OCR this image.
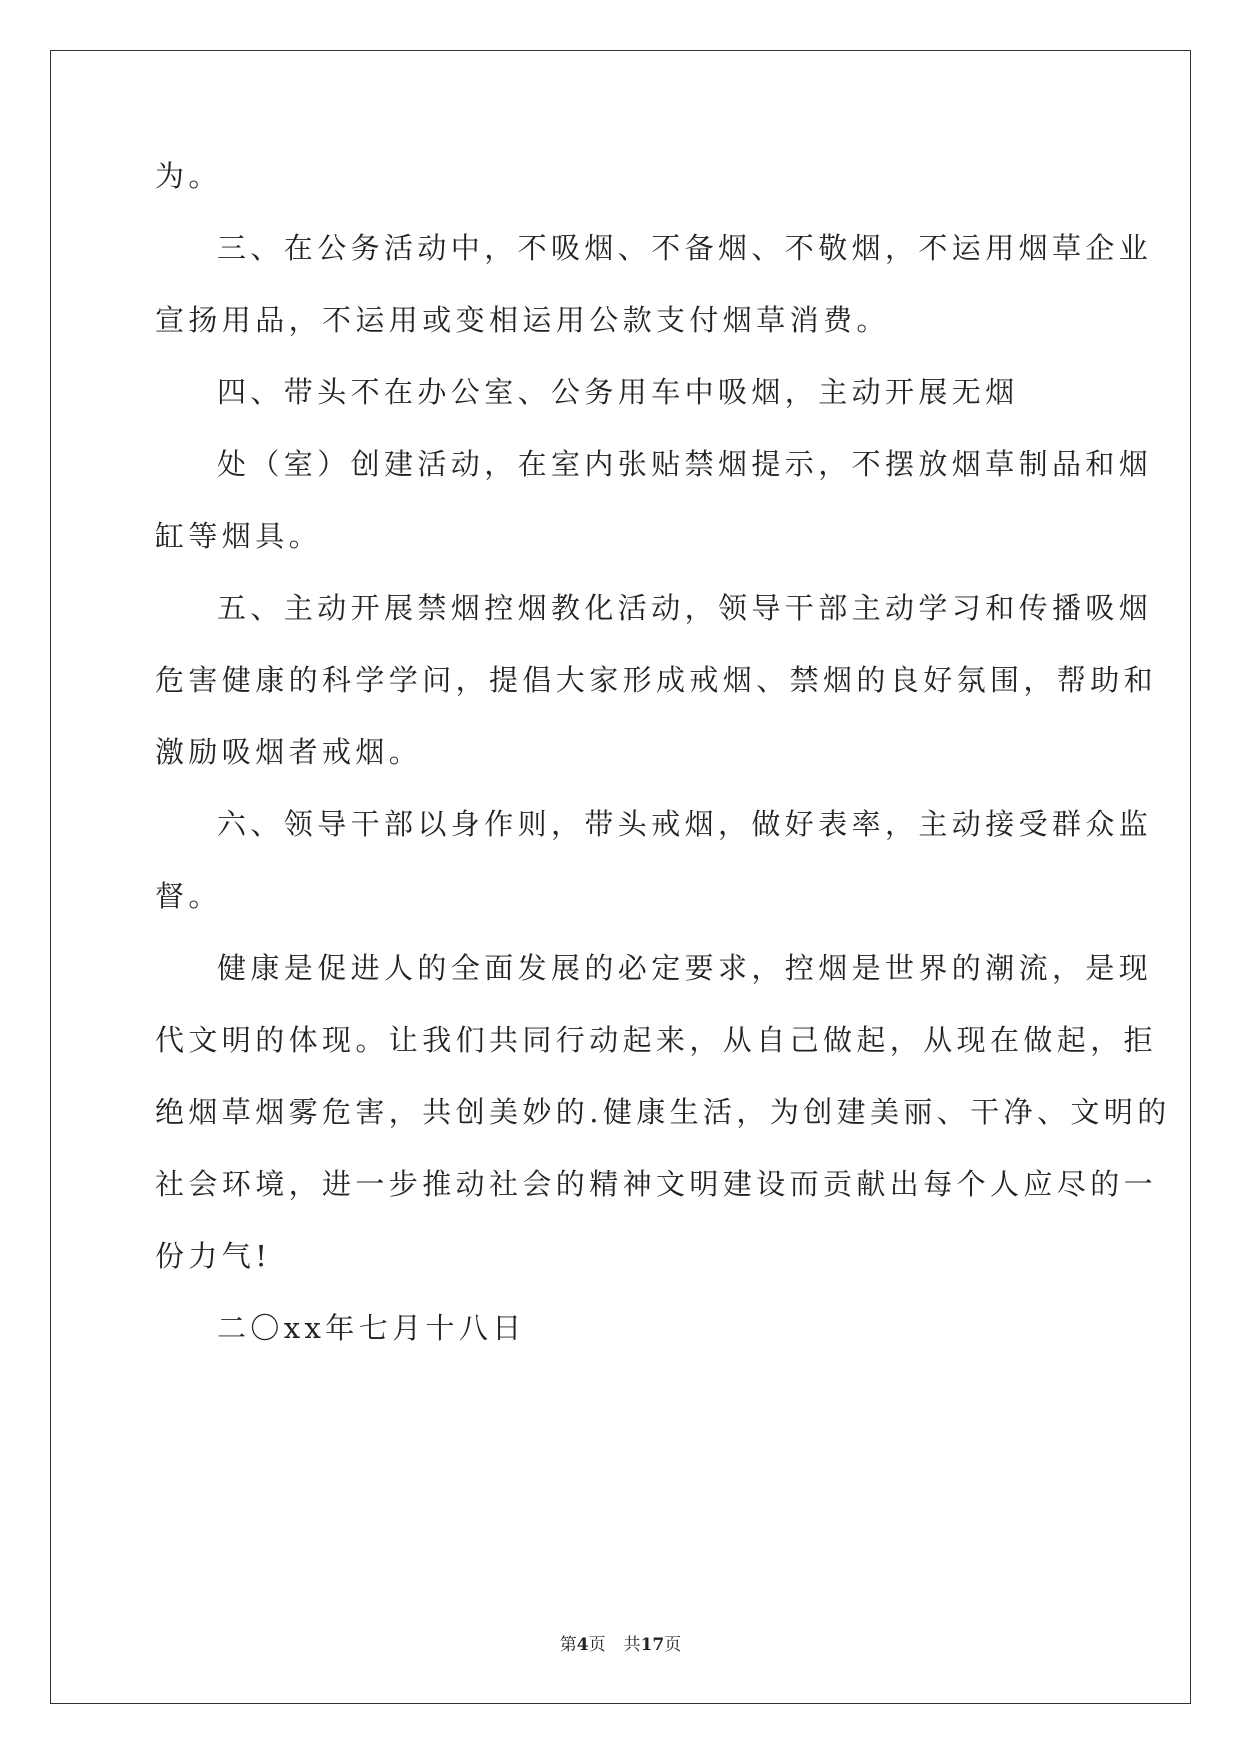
为。
三、在公务活动中，不吸烟、不备烟、不敬烟，不运用烟草企业
宣扬用品，不运用或变相运用公款支付烟草消费。
四、带头不在办公室、公务用车中吸烟，主动开展无烟
处（室）创建活动，在室内张贴禁烟提示，不摆放烟草制品和烟
缸等烟具。
五、主动开展禁烟控烟教化活动，领导干部主动学习和传播吸烟
危害健康的科学学问，提倡大家形成戒烟、禁烟的良好氛围，帮助和
激励吸烟者戒烟。
六、领导干部以身作则，带头戒烟，做好表率，主动接受群众监
督。
健康是促进人的全面发展的必定要求，控烟是世界的潮流，是现
代文明的体现。让我们共同行动起来，从自己做起，从现在做起，拒
绝烟草烟雾危害，共创美妙的.健康生活，为创建美丽、干净、文明的
社会环境，进一步推动社会的精神文明建设而贡献出每个人应尽的一
份力气!
二〇xx年七月十八日
第4页 共17页
